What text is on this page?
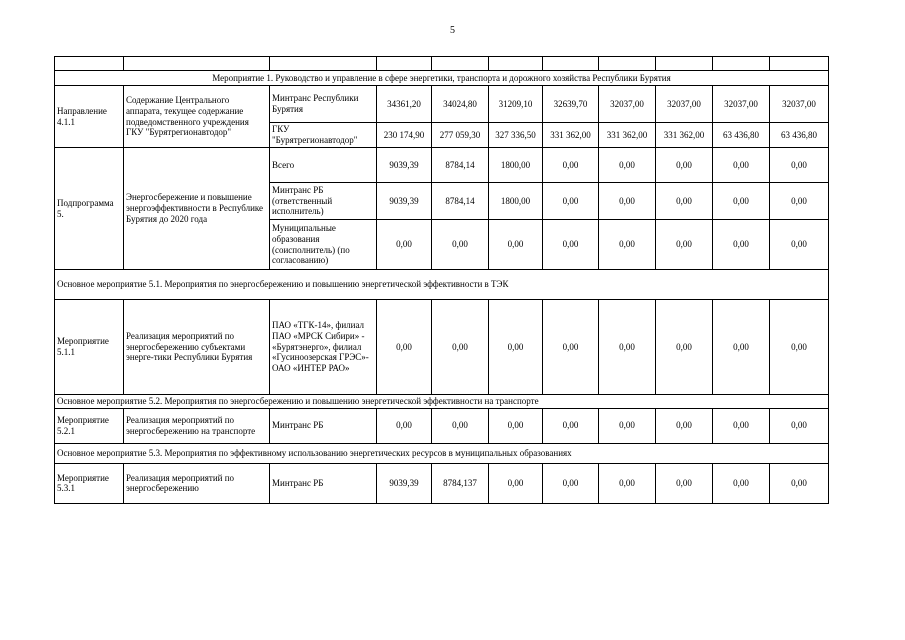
5

Мероприятие 1. Руководство и управление в сфере энергетики, транспорта и дорожного хозяйства Республики Бурятия										
Направление 4.1.1	Содержание Центрального аппарата, текущее содержание подведомственного учреждения ГКУ "Бурятрегионавтодор"	Минтранс Республики Бурятия	34361,20	34024,80	31209,10	32639,70	32037,00	32037,00	32037,00	32037,00
		ГКУ "Бурятрегионавтодор"	230 174,90	277 059,30	327 336,50	331 362,00	331 362,00	331 362,00	63 436,80	63 436,80
Подпрограмма 5.	Энергосбережение и повышение энергоэффективности в Республике Бурятия до 2020 года	Всего	9039,39	8784,14	1800,00	0,00	0,00	0,00	0,00	0,00
		Минтранс РБ (ответственный исполнитель)	9039,39	8784,14	1800,00	0,00	0,00	0,00	0,00	0,00
		Муниципальные образования (соисполнитель) (по согласованию)	0,00	0,00	0,00	0,00	0,00	0,00	0,00	0,00
Основное мероприятие 5.1. Мероприятия по энергосбережению и повышению энергетической эффективности в ТЭК										
Мероприятие 5.1.1	Реализация мероприятий по энергосбережению субъектами энерге-тики Республики Бурятия	ПАО «ТГК-14», филиал ПАО «МРСК Сибири» - «Бурятэнерго», филиал «Гусиноозерская ГРЭС»-ОАО «ИНТЕР РАО»	0,00	0,00	0,00	0,00	0,00	0,00	0,00	0,00
Основное мероприятие 5.2. Мероприятия по энергосбережению и повышению энергетической эффективности на транспорте										
Мероприятие 5.2.1	Реализация мероприятий по энергосбережению на транспорте	Минтранс РБ	0,00	0,00	0,00	0,00	0,00	0,00	0,00	0,00
Основное мероприятие 5.3. Мероприятия по эффективному использованию энергетических ресурсов в муниципальных образованиях										
Мероприятие 5.3.1	Реализация мероприятий по энергосбережению	Минтранс РБ	9039,39	8784,137	0,00	0,00	0,00	0,00	0,00	0,00
